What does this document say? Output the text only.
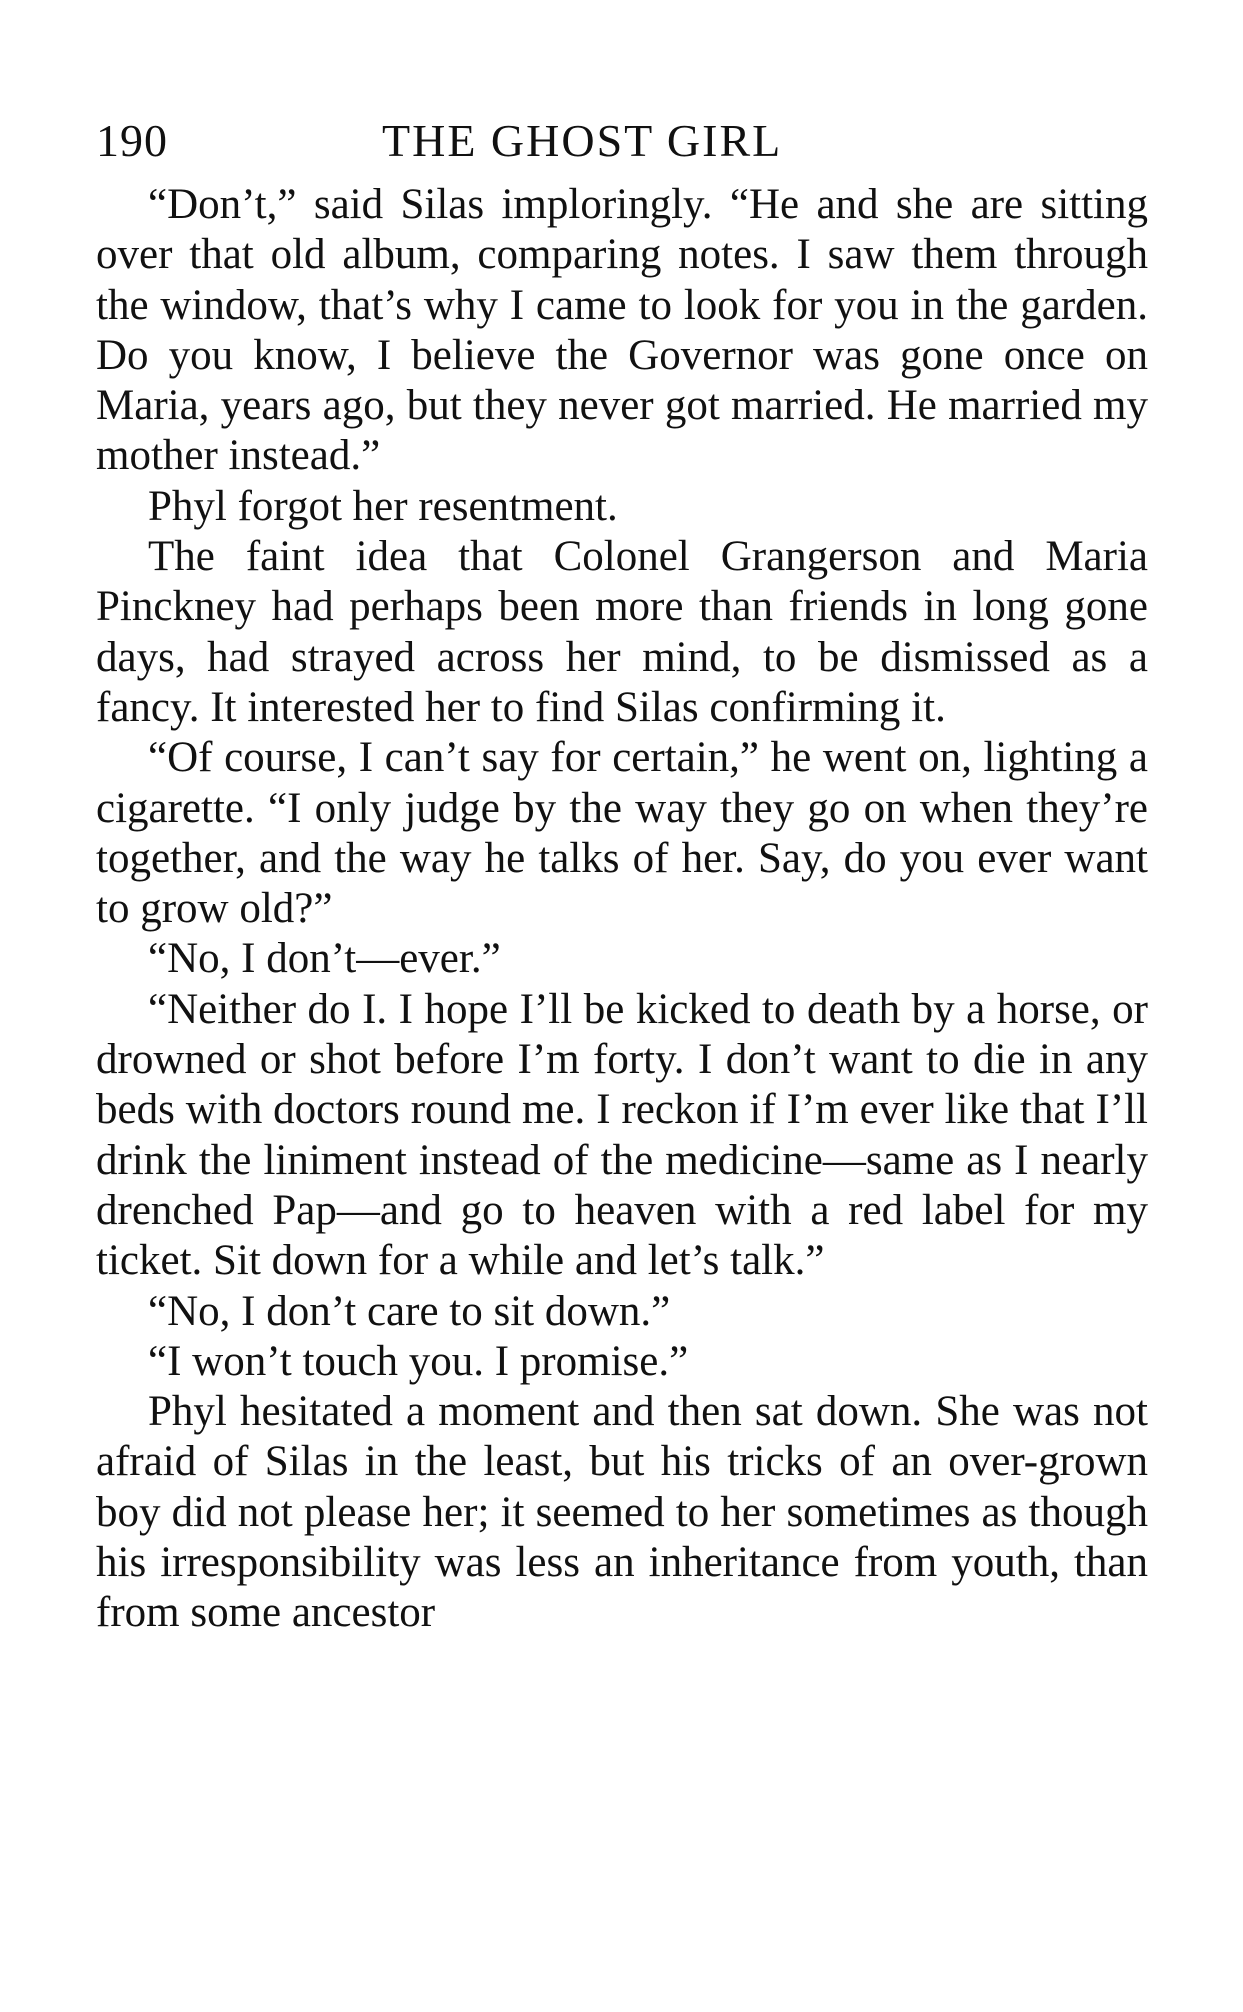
190	THE GHOST GIRL

“Don’t,” said Silas imploringly. “He and she are sitting over that old album, comparing notes. I saw them through the window, that’s why I came to look for you in the garden. Do you know, I believe the Governor was gone once on Maria, years ago, but they never got married. He married my mother instead.”

Phyl forgot her resentment.

The faint idea that Colonel Grangerson and Maria Pinckney had perhaps been more than friends in long gone days, had strayed across her mind, to be dismissed as a fancy. It interested her to find Silas confirming it.

“Of course, I can’t say for certain,” he went on, lighting a cigarette. “I only judge by the way they go on when they’re together, and the way he talks of her. Say, do you ever want to grow old?”

“No, I don’t—ever.”

“Neither do I. I hope I’ll be kicked to death by a horse, or drowned or shot before I’m forty. I don’t want to die in any beds with doctors round me. I reckon if I’m ever like that I’ll drink the liniment instead of the medicine—same as I nearly drenched Pap—and go to heaven with a red label for my ticket. Sit down for a while and let’s talk.”

“No, I don’t care to sit down.”

“I won’t touch you. I promise.”

Phyl hesitated a moment and then sat down. She was not afraid of Silas in the least, but his tricks of an over-grown boy did not please her; it seemed to her sometimes as though his irresponsibility was less an inheritance from youth, than from some ancestor
